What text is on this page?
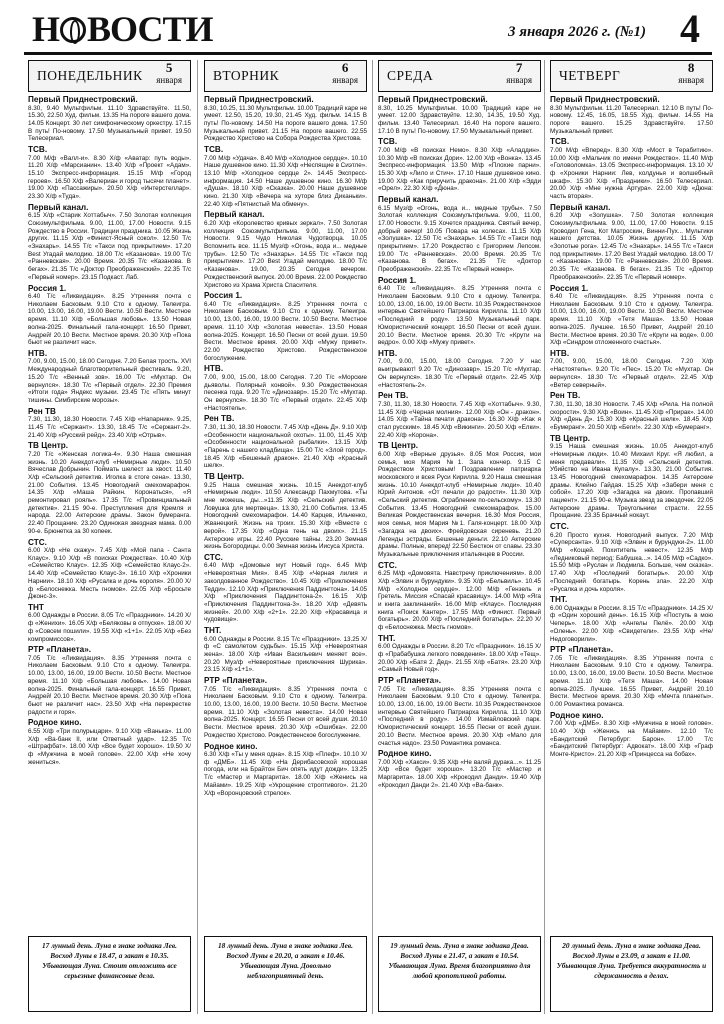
Н ВОСТИ	3 января 2026 г. (№1) 4
ПОНЕДЕЛЬНИК
5
января
Первый Приднестровский.
8.30, 9.40 Мультфильм. 11.10 Здравствуйте. 11.50, 15.30, 22.50 Худ. фильм. 13.35 На пороге вашего дома. 14.05 Концерт. 30 лет симфоническому оркестру. 17.15 В путь! По-новому. 17.50 Музыкальный привет. 19.50 Телесериал.
ТСВ.
7.00 М/ф «Валл-и». 8.30 Х/ф «Аватар: путь воды». 11.20 Х/ф «Марсианин». 13.40 Х/ф «Проект «Адам». 15.10 Экспресс-информация. 15.15 М/ф «Город героев». 16.50 Х/ф «Валериан и город тысячи планет». 19.00 Х/ф «Пассажиры». 20.50 Х/ф «Интерстеллар». 23.30 Х/ф «Туда».
Первый канал.
6.15 Х/ф «Старик Хоттабыч». 7.50 Золотая коллекция Союзмультфильма. 9.00, 11.00, 17.00 Новости. 9.15 Рождество в России. Традиции праздника. 10.05 Жизнь других. 11.15 Х/ф «Финист-Ясный сокол». 12.50 Т/с «Знахарь». 14.55 Т/с «Такси под прикрытием». 17.20 Best Угадай мелодию. 18.00 Т/с «Казанова». 19.00 Т/с «Ранневская». 20.00 Время. 20.35 Т/с «Казанова. В бегах». 21.35 Т/с «Доктор Преображенский». 22.35 Т/с «Первый номер». 23.15 Подкаст. Лаб.
Россия 1.
6.40 Т/с «Ликвидация». 8.25 Утренняя почта с Николаем Басковым. 9.10 Сто к одному. Телеигра. 10.00, 13.00, 16.00, 19.00 Вести. 10.50 Вести. Местное время. 11.10 Х/ф «Большая любовь». 13.50 Новая волна-2025. Финальный гала-концерт. 16.50 Привет, Андрей! 20.10 Вести. Местное время. 20.30 Х/ф «Пока бьют не различит нас».
НТВ.
7.00, 9.00, 15.00, 18.00 Сегодня. 7.20 Белая трость. XVI Международный благотворительный фестиваль. 9.20, 15.20 Т/с «Венный зов». 16.00 Т/с «Мухтар. Он вернулся». 18.30 Т/с «Первый отдел». 22.30 Премия «Итоги года» Яндекс музыки. 23.45 Т/с «Пять минут тишины. Симбирские морозы».
Рен ТВ
7.30, 11.30, 18.30 Новости. 7.45 Х/ф «Напарник». 9.25, 11.45 Т/с «Сержант». 13.30, 18.45 Т/с «Сержант-2». 21.40 Х/ф «Русский рейд». 23.40 Х/ф «Отрыв».
ТВ Центр.
7.20 Т/с «Женская логика-4». 9.30 Наша смешная жизнь. 10.20 Анекдот-клуб «Немирные люди». 10.50 Вячеслав Добрынин. Поймать шелест за хвост. 11.40 Х/ф «Сельский детектив. Иголка в стоге сена». 13.30, 21.00 События. 13.45 Новогодний смехомарафон. 14.35 Х/ф «Маша Райкин. Коронаться», «Я ремонтировал рояль». 17.35 Т/с «Провинциальный детектив». 21.15 90-е. Преступления для Кремля и народа. 22.00 Актерские драмы. Закон бумеранга. 22.40 Прощание. 23.20 Одинокая звездная мама. 0.00 90-е. Брюнетка за 30 копеек.
СТС.
6.00 Х/ф «Не скажу». 7.45 Х/ф «Мой папа - Санта Клаус». 9.10 Х/ф «В поисках Рождества». 10.40 Х/ф «Семейство Клаус». 12.35 Х/ф «Семейство Клаус-2». 14.40 Х/ф «Семейство Клаус-3». 16.10 Х/ф «Хроники Нарнии». 18.10 Х/ф «Русалка и дочь короля». 20.00 Х/ф «Белоснежка. Месть гномов». 22.05 Х/ф «Бросьте Джонс-3».
ТНТ
6.00 Однажды в России. 8.05 Т/с «Праздники». 14.20 Х/ф «Женихи». 16.05 Х/ф «Беляковы в отпуске». 18.00 Х/ф «Совсем пошили». 19.55 Х/ф «1+1». 22.05 Х/ф «Без компромиссов».
РТР «Планета».
7.05 Т/с «Ликвидация». 8.35 Утренняя почта с Николаем Басковым. 9.10 Сто к одному. Телеигра. 10.00, 13.00, 16.00, 19.00 Вести. 10.50 Вести. Местное время. 11.10 Х/ф «Большая любовь». 14.00 Новая волна-2025. Финальный гала-концерт. 16.55 Привет, Андрей! 20.10 Вести. Местное время. 20.30 Х/ф «Пока бьют не различит нас». 23.50 Х/ф «На перекрестке радости и горя».
Родное кино.
6.55 Х/ф «Три полурыцари». 9.10 Х/ф «Ванька». 11.00 Х/ф «Ва-банк II, или Ответный удар». 12.35 Т/с «Штрафбат». 18.00 Х/ф «Все будет хорошо». 19.50 Х/ф «Мужчина в моей голове». 22.00 Х/ф «Не хочу жениться».
17 лунный день. Луна в знаке зодиака Лев. Восход Луны в 18.47, а закат в 10.35. Убывающая Луна. Стоит отложить все серьезные финансовые дела.
ВТОРНИК
6
января
Первый Приднестровский.
8.30, 10.25, 11.30 Мультфильм. 10.00 Традиций каре не умеет. 12.50, 15.20, 19.30, 21.45 Худ. фильм. 14.15 В путь! По-новому. 14.50 На пороге вашего дома. 17.50 Музыкальный привет. 21.15 На пороге вашего. 22.55 Рождество Христово на Собора Рождества Христова.
ТСВ.
7.00 М/ф «Удача». 8.40 М/ф «Холодное сердце». 10.10 Наше душевное кино. 11.30 Х/ф «Неспящие в Сиэтле». 13.10 М/ф «Холодное сердце 2». 14.45 Экспресс-информация. 14.50 Наше душевное кино. 16.30 М/ф «Душа». 18.10 Х/ф «Сказка». 20.00 Наше душевное кино. 21.30 Х/ф «Вечера на хуторе близ Диканьки». 22.40 Х/ф «Пятнистый Ма обмену».
Первый канал.
6.20 Х/ф «Королевство кривых зеркал». 7.50 Золотая коллекция Союзмультфильма. 9.00, 11.00, 17.00 Новости. 9.15 Чудо Николая Чудотворца. 10.05 Вспомнить все. 11.15 Муз/ф «Огонь, вода и... медные трубы». 12.50 Т/с «Знахарь». 14.55 Т/с «Такси под прикрытием». 17.20 Best Угадай мелодию. 18.00 Т/с «Казанова». 19.00, 20.35 Сегодня вечером. Рождественский выпуск. 20.00 Время. 22.00 Рождество Христово из Храма Христа Спасителя.
Россия 1.
6.40 Т/с «Ликвидация». 8.25 Утренняя почта с Николаем Басковым. 9.10 Сто к одному. Телеигра. 10.00, 13.00, 16.00, 19.00 Вести. 10.50 Вести. Местное время. 11.10 Х/ф «Золотая невеста». 13.50 Новая волна-2025. Концерт. 16.50 Песни от всей души. 19.50 Вести. Местное время. 20.00 Х/ф «Мужу привет». 22.00 Рождество Христово. Рождественское богослужение.
НТВ.
7.00, 9.00, 15.00, 18.00 Сегодня. 7.20 Т/с «Морские дьяволы. Полярный конвой». 9.30 Рождественская песенка года. 9.20 Т/с «Динозавр». 15.20 Т/с «Мухтар. Он вернулся». 18.30 Т/с «Первый отдел». 22.45 Х/ф «Настоятель».
Рен ТВ.
7.30, 11.30, 18.30 Новости. 7.45 Х/ф «День Д». 9.10 Х/ф «Особенности национальной охоты». 11.00, 11.45 Х/ф «Особенности национальной рыбалки». 13.15 Х/ф «Парень с нашего кладбища». 15.00 Т/с «Злой город». 18.45 Х/ф «Бешеный дракон». 21.40 Х/ф «Красный шелк».
ТВ Центр.
9.25 Наша смешная жизнь. 10.15 Анекдот-клуб «Немирные люди». 10.50 Александр Пахмутова. «Ты мне можешь, ды...»11.35 Х/ф «Сельский детектив. Ловушка для мертвеца». 13.30, 21.00 События. 13.45 Новогодний смехомарафон. 14.40 Карцев, Ильченко, Жванецкий. Жизнь на троих. 15.30 Х/ф «Вместе с верой». 17.35 Х/ф «Одна тень на двоих». 21.15 Актерские игры. 22.40 Русские тайны. 23.20 Земная жизнь Богородицы. 0.00 Земная жизнь Иисуса Христа.
СТС.
6.40 М/ф «Домовые мут Новый год». 6.45 М/ф «Невероятная Мия». 8.45 Х/ф «Черная лилия и заколдованное Рождество». 10.45 Х/ф «Приключения Тедди». 12.10 Х/ф «Приключения Паддингтона». 14.05 Х/ф «Приключения Паддингтона-2». 16.15 Х/ф «Приключения Паддингтона-3». 18.20 Х/ф «Девять жизней». 20.00 Х/ф «2+1». 22.20 Х/ф «Красавица и чудовище».
ТНТ.
6.00 Однажды в России. 8.15 Т/с «Праздники». 13.25 Х/ф «С самолетом судьбы». 15.15 Х/ф «Невероятная жена». 18.00 Х/ф «Иван Васильевич меняет все». 20.20 Муз/ф «Невероятные приключения Шурика». 23.15 Х/ф «1+1».
РТР «Планета».
7.05 Т/с «Ликвидация». 8.35 Утренняя почта с Николаем Басковым. 9.10 Сто к одному. Телеигра. 10.00, 13.00, 16.00, 19.00 Вести. 10.50 Вести. Местное время. 11.10 Х/ф «Золотая невеста». 14.00 Новая волна-2025. Концерт. 16.55 Песни от всей души. 20.10 Вести. Местное время. 20.30 Х/ф «Ошибка». 22.00 Рождество Христово. Рождественское богослужение.
Родное кино.
6.30 Х/ф «Ты у меня одна». 8.15 Х/ф «Плеф». 10.10 Х/ф «ДМБ». 11.45 Х/ф «На Дерибасовской хорошая погода, или на Брайтон Бич опять идут дожди». 13.25 Т/с «Мастер и Маргарита». 18.00 Х/ф «Женись на Майами». 19.25 Х/ф «Укрощение строптивого». 21.20 Х/ф «Воронцовский стрелок».
18 лунный день. Луна в знаке зодиака Лев. Восход Луны в 20.20, а закат в 10.46. Убывающая Луна. Довольно неблагоприятный день.
СРЕДА
7
января
Первый Приднестровский.
8.30, 10.25 Мультфильм. 10.00 Традиций каре не умеет. 12.00 Здравствуйте. 12.30, 14.35, 19.50 Худ. фильм. 13.40 Телесериал. 16.40 На пороге вашего. 17.10 В путь! По-новому. 17.50 Музыкальный привет.
ТСВ.
7.00 М/ф «В поисках Немо». 8.30 Х/ф «Аладдин». 10.30 М/ф «В поисках Дори». 12.00 Х/ф «Вонка». 13.45 Экспресс-информация. 13.50 М/ф «Плохие парни». 15.30 Х/ф «Лило и Стич». 17.10 Наше душевное кино. 19.00 Х/ф «Как приручить дракона». 21.00 Х/ф «Эдди «Орел». 22.30 Х/ф «Дюна».
Первый канал.
6.15 Муз/ф «Огонь, вода и... медные трубы». 7.50 Золотая коллекция Союзмультфильма. 9.00, 11.00, 17.00 Новости. 9.15 Хочется праздника. Святый вечер, добрый вечер! 10.05 Повара на колесах. 11.15 Х/ф «Золушка». 12.50 Т/с «Знахарь». 14.55 Т/с «Такси под прикрытием». 17.20 Рождество с Григорием Лепсом. 19.00 Т/с «Ранневская». 20.00 Время. 20.35 Т/с «Казанова. В бегах». 21.35 Т/с «Доктор Преображенский». 22.35 Т/с «Первый номер».
Россия 1.
6.40 Т/с «Ликвидация». 8.25 Утренняя почта с Николаем Басковым. 9.10 Сто к одному. Телеигра. 10.00, 13.00, 16.00, 19.00 Вести. 10.35 Рождественское интервью Святейшего Патриарха Кирилла. 11.10 Х/ф «Последний в роду». 13.50 Музыкальный парк. Юмористический концерт. 16.50 Песни от всей души. 20.10 Вести. Местное время. 20.30 Т/с «Крути на ведро». 0.00 Х/ф «Мужу привет».
НТВ.
7.00, 9.00, 15.00, 18.00 Сегодня. 7.20 У нас выигрывают! 9.20 Т/с «Динозавр». 15.20 Т/с «Мухтар. Он вернулся». 18.30 Т/с «Первый отдел». 22.45 Х/ф «Настоятель-2».
Рен ТВ.
7.30, 11.30, 18.30 Новости. 7.45 Х/ф «Хоттабыч». 9.30, 11.45 Х/ф «Черная молния». 12.00 Х/ф «Он - дракон». 14.05 Х/ф «Тайна печати дракона». 16.30 Х/ф «Как я стал русским». 18.45 Х/ф «Викинги». 20.50 Х/ф «Елки». 22.40 Х/ф «Корона».
ТВ Центр.
6.00 Х/ф «Верные друзья». 8.05 Моя Россия, мои семья, моя Мария №1. Запа кончер. 9.15 С Рождеством Христовым! Поздравление патриарха московского и всея Руси Кирилла. 9.20 Наша смешная жизнь. 10.10 Анекдот-клуб «Немирные люди». 10.40 Юрий Антонов. «От печали до радости». 11.30 Х/ф «Сельский детектив. Ограбление по-сельскому». 13.30 События. 13.45 Новогодний смехомарафон. 15.00 Великая Рождественская вечерня. 16.30 Моя Россия, моя семья, моя Мария №1. Галя-концерт. 18.00 Х/ф «Загадка на двоих». Фрейдовская сиреневь. 21.20 Легенды эстрады. Бешеные деньги. 22.10 Актерские драмы. Полные, вперед! 22.50 Бесткон от славы. 23.30 Музыкальные приключения итальянцев в России.
СТС.
6.25 М/ф «Домовята. Навстречу приключениям». 8.00 Х/ф «Элвин и бурундуки». 9.35 Х/ф «Бельвиль». 10.45 М/ф «Холодное сердце». 12.00 М/ф «Гензель и Гретель. Миссия «Спасай красавицу». 14.00 М/ф «Яга и книга заклинаний». 16.00 М/ф «Клаус». Последняя книга «Поиск Кантер». 17.55 М/ф «Финист. Первый богатырь». 20.00 Х/ф «Последний богатырь». 22.20 Х/ф «Белоснежка. Месть гномов».
ТНТ.
6.00 Однажды в России. 8.20 Т/с «Праздники». 16.15 Х/ф «Прабабушка легкого поведения». 18.00 Х/ф «Тещ». 20.00 Х/ф «Батя 2. Дед». 21.55 Х/ф «Батя». 23.20 Х/ф «Самый Новый год».
РТР «Планета».
7.05 Т/с «Ликвидация». 8.35 Утренняя почта с Николаем Басковым. 9.10 Сто к одному. Телеигра. 10.00, 13.00, 16.00, 19.00 Вести. 10.35 Рождественское интервью Святейшего Патриарха Кирилла. 11.10 Х/ф «Последний в роду». 14.00 Измайловский парк. Юмористический концерт. 16.55 Песни от всей души. 20.10 Вести. Местное время. 20.30 Х/ф «Мало для счастья надо». 23.50 Романтика романса.
Родное кино.
7.00 Х/ф «Хакси». 9.35 Х/ф «Не валяй дурака...». 11.25 Х/ф «Все будет хорошо». 13.20 Т/с «Мастер и Маргарита». 18.00 Х/ф «Крокодил Данди». 19.40 Х/ф «Крокодил Данди 2». 21.40 Х/ф «Ва-банк».
19 лунный день. Луна в знаке зодиака Дева. Восход Луны в 21.47, а закат в 10.54. Убывающая Луна. Время благоприятно для любой кропотливой работы.
ЧЕТВЕРГ
8
января
Первый Приднестровский.
8.30 Мультфильм. 11.20 Телесериал. 12.10 В путь! По-новому. 12.45, 16.05, 18.55 Худ. фильм. 14.55 На пороге вашего. 15.25 Здравствуйте. 17.50 Музыкальный привет.
ТСВ.
7.00 М/ф «Вперед». 8.30 Х/ф «Мост в Терабитию». 10.00 Х/ф «Мальчик по имени Рождество». 11.40 М/ф «Головоломка». 13.05 Экспресс-информация. 13.10 Х/ф «Хроники Нарнии: Лев, колдунья и волшебный шкаф». 15.30 Х/ф «Праздники». 16.50 Телесериал. 20.00 Х/ф «Мне нужна Артура». 22.00 Х/ф «Дюна: часть вторая».
Первый канал.
6.20 Х/ф «Золушка». 7.50 Золотая коллекция Союзмультфильма. 9.00, 11.00, 17.00 Новости. 9.15 Кроводил Гена, Кот Матроскин, Винни-Пух... Мультики нашего детства. 10.05 Жизнь других. 11.15 Х/ф «Золотые рога». 12.45 Т/с «Знахарь». 14.55 Т/с «Такси под прикрытием». 17.20 Best Угадай мелодию. 18.00 Т/с «Казанова». 19.00 Т/с «Ранневская». 20.00 Время. 20.35 Т/с «Казанова. В бегах». 21.35 Т/с «Доктор Преображенский». 22.35 Т/с «Первый номер».
Россия 1.
6.40 Т/с «Ликвидация». 8.25 Утренняя почта с Николаем Басковым. 9.10 Сто к одному. Телеигра. 10.00, 13.00, 16.00, 19.00 Вести. 10.50 Вести. Местное время. 11.10 Х/ф «Тетя Маша». 13.50 Новая волна-2025. Лучшее. 16.50 Привет, Андрей! 20.10 Вести. Местное время. 20.30 Т/с «Круги на воде». 0.00 Х/ф «Синдром отложенного счастья».
НТВ.
7.00, 9.00, 15.00, 18.00 Сегодня. 7.20 Х/ф «Настоятель». 9.20 Т/с «Пес». 15.20 Т/с «Мухтар. Он вернулся». 18.30 Т/с «Первый отдел». 22.45 Х/ф «Ветер северный».
Рен ТВ.
7.30, 11.30, 18.30 Новости. 7.45 Х/ф «Рила. На полной скорости». 9.30 Х/ф «Воин». 11.45 Х/ф «Прирак». 14.00 Х/ф «День Д». 15.30 Х/ф «Красный шелк». 18.45 Х/ф «Бумеранг». 20.50 Х/ф «Беги!». 22.30 Х/ф «Бумеранг».
ТВ Центр.
9.15 Наша смешная жизнь. 10.05 Анекдот-клуб «Немирные люди». 10.40 Михаил Круг. «Я любил, а меня предавали». 11.35 Х/ф «Сельский детектив. Убийство на Ивана Купалу». 13.30, 21.00 События. 13.45 Новогодний смехомарафон. 14.35 Актерские драмы. Клейно Гайдая. 15.25 Х/ф «Забери меня с собой». 17.20 Х/ф «Загадка на двоих. Пропавший пациент». 21.15 90-е. Музыка звезд за звездочек. 22.05 Актерские драмы. Треугольники страсти. 22.55 Прощание. 23.35 Брачный нокаут.
СТС.
6.20 Просто кухня. Новогодний выпуск. 7.20 М/ф «Суперсанта». 9.10 Х/ф «Элвин и бурундуки-2». 11.00 М/ф «Кощей. Похититель невест». 12.35 М/ф «Ледниковый период: Бабушка...». 14.05 М/ф «Садко». 15.50 М/ф «Руслан и Людмила. Больше, чем сказка». 17.40 Х/ф «Последний богатырь». 20.00 Х/ф «Последний богатырь. Корень зла». 22.20 Х/ф «Русалка и дочь короля».
ТНТ.
6.00 Однажды в России. 8.15 Т/с «Праздники». 14.25 Х/ф «Один хороший день». 16.15 Х/ф «Поступь в мою Чеперь». 18.00 Х/ф «Ангелы Пелё». 20.00 Х/ф «Олень». 22.00 Х/ф «Свидетели». 23.55 Х/ф «Не/Недоговорили».
РТР «Планета».
7.05 Т/с «Ликвидация». 8.35 Утренняя почта с Николаем Басковым. 9.10 Сто к одному. Телеигра. 10.00, 13.00, 16.00, 19.00 Вести. 10.50 Вести. Местное время. 11.10 Х/ф «Тетя Маша». 14.00 Новая волна-2025. Лучшее. 16.55 Привет, Андрей! 20.10 Вести. Местное время. 20.30 Х/ф «Мечта планеты». 0.00 Романтика романса.
Родное кино.
7.00 Х/ф «ДМБ». 8.30 Х/ф «Мужчина в моей голове». 10.40 Х/ф «Женись на Майами». 12.10 Т/с «Бандитский Петербург: Барон». 17.00 Т/с «Бандитский Петербург: Адвокат». 18.00 Х/ф «Граф Монте-Кристо». 21.20 Х/ф «Принцесса на бобах».
20 лунный день. Луна в знаке зодиака Дева. Восход Луны в 23.09, а закат в 11.00. Убывающая Луна. Требуется аккуратность и сдержанность в делах.
